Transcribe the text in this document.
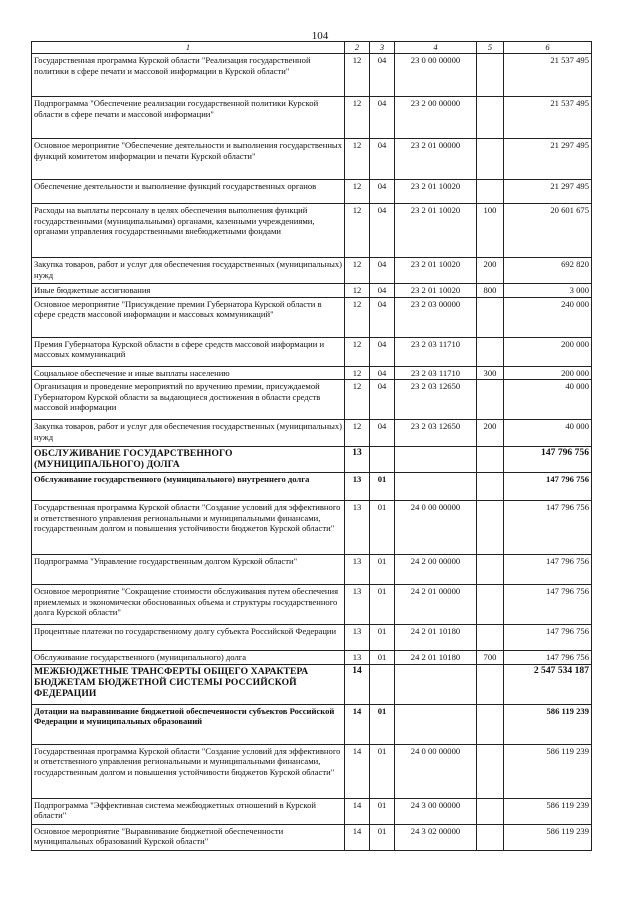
104
1	2	3	4	5	6
Государственная программа Курской области "Реализация государственной политики в сфере печати и массовой информации в Курской области"	12	04	23 0 00 00000		21 537 495
Подпрограмма "Обеспечение реализации государственной политики Курской области в сфере печати и массовой информации"	12	04	23 2 00 00000		21 537 495
Основное мероприятие "Обеспечение деятельности и выполнения государственных функций комитетом информации и печати Курской области"	12	04	23 2 01 00000		21 297 495
Обеспечение деятельности и выполнение функций государственных органов	12	04	23 2 01 10020		21 297 495
Расходы на выплаты персоналу в целях обеспечения выполнения функций государственными (муниципальными) органами, казенными учреждениями, органами управления государственными внебюджетными фондами	12	04	23 2 01 10020	100	20 601 675
Закупка товаров, работ и услуг для обеспечения государственных (муниципальных) нужд	12	04	23 2 01 10020	200	692 820
Иные бюджетные ассигнования	12	04	23 2 01 10020	800	3 000
Основное мероприятие "Присуждение премии Губернатора Курской области в сфере средств массовой информации и массовых коммуникаций"	12	04	23 2 03 00000		240 000
Премия Губернатора Курской области в сфере средств массовой информации и массовых коммуникаций	12	04	23 2 03 11710		200 000
Социальное обеспечение и иные выплаты населению	12	04	23 2 03 11710	300	200 000
Организация и проведение мероприятий по вручению премии, присуждаемой Губернатором Курской области за выдающиеся достижения в области средств массовой информации	12	04	23 2 03 12650		40 000
Закупка товаров, работ и услуг для обеспечения государственных (муниципальных) нужд	12	04	23 2 03 12650	200	40 000
ОБСЛУЖИВАНИЕ ГОСУДАРСТВЕННОГО (МУНИЦИПАЛЬНОГО) ДОЛГА	13				147 796 756
Обслуживание государственного (муниципального) внутреннего долга	13	01			147 796 756
Государственная программа Курской области "Создание условий для эффективного и ответственного управления региональными и муниципальными финансами, государственным долгом и повышения устойчивости бюджетов Курской области"	13	01	24 0 00 00000		147 796 756
Подпрограмма "Управление государственным долгом Курской области"	13	01	24 2 00 00000		147 796 756
Основное мероприятие "Сокращение стоимости обслуживания путем обеспечения приемлемых и экономически обоснованных объема и структуры государственного долга Курской области"	13	01	24 2 01 00000		147 796 756
Процентные платежи по государственному долгу субъекта Российской Федерации	13	01	24 2 01 10180		147 796 756
Обслуживание государственного (муниципального) долга	13	01	24 2 01 10180	700	147 796 756
МЕЖБЮДЖЕТНЫЕ ТРАНСФЕРТЫ ОБЩЕГО ХАРАКТЕРА БЮДЖЕТАМ БЮДЖЕТНОЙ СИСТЕМЫ РОССИЙСКОЙ ФЕДЕРАЦИИ	14				2 547 534 187
Дотации на выравнивание бюджетной обеспеченности субъектов Российской Федерации и муниципальных образований	14	01			586 119 239
Государственная программа Курской области "Создание условий для эффективного и ответственного управления региональными и муниципальными финансами, государственным долгом и повышения устойчивости бюджетов Курской области"	14	01	24 0 00 00000		586 119 239
Подпрограмма "Эффективная система межбюджетных отношений в Курской области"	14	01	24 3 00 00000		586 119 239
Основное мероприятие "Выравнивание бюджетной обеспеченности муниципальных образований Курской области"	14	01	24 3 02 00000		586 119 239
